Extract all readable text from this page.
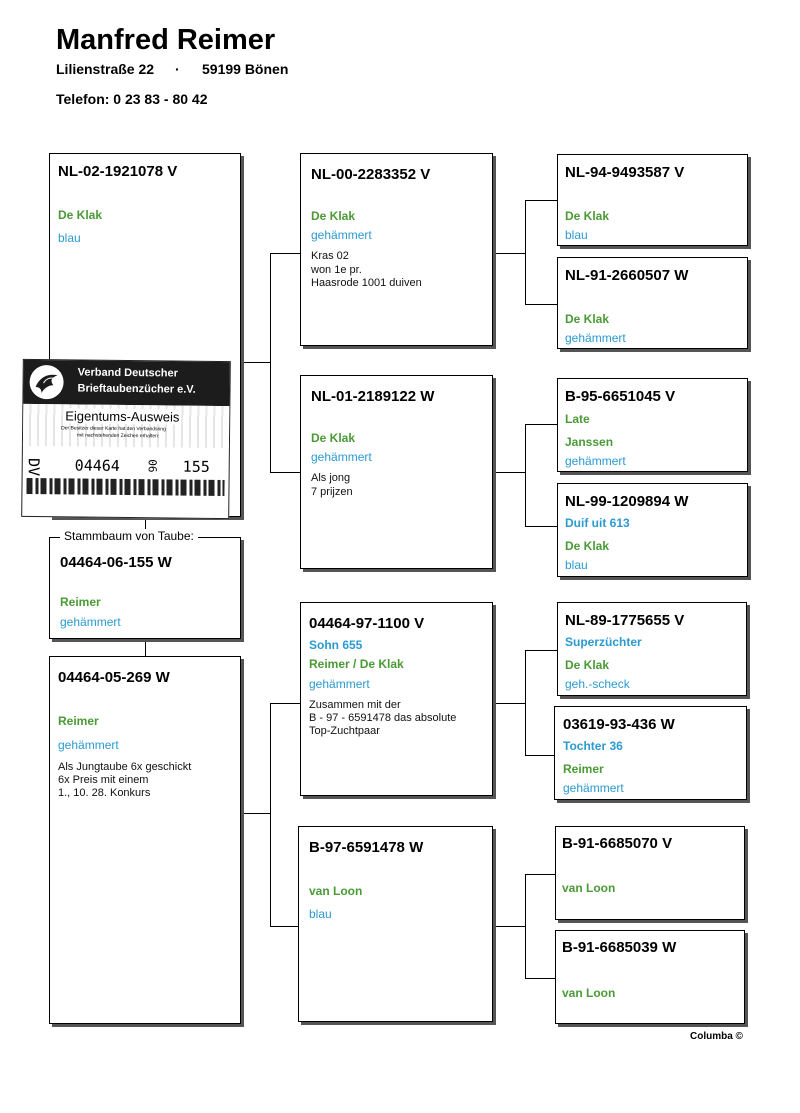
Manfred Reimer
Lilienstraße 22 · 59199 Bönen
Telefon: 0 23 83 - 80 42
NL-02-1921078 V
De Klak
blau
04464-06-155 W
Reimer
gehämmert
Stammbaum von Taube:
04464-05-269 W
Reimer
gehämmert
Als Jungtaube 6x geschickt
6x Preis mit einem
1., 10. 28. Konkurs
Verband Deutscher
Brieftaubenzücher e.V.
Eigentums-Ausweis
Der Besitzer dieser Karte hat den Verbandsring
mit nachstehenden Zeichen erhalten:
DV 04464 06 155
NL-00-2283352 V
De Klak
gehämmert
Kras 02
won 1e pr.
Haasrode 1001 duiven
NL-01-2189122 W
De Klak
gehämmert
Als jong
7 prijzen
04464-97-1100 V
Sohn 655
Reimer / De Klak
gehämmert
Zusammen mit der
B - 97 - 6591478 das absolute
Top-Zuchtpaar
B-97-6591478 W
van Loon
blau
NL-94-9493587 V
De Klak
blau
NL-91-2660507 W
De Klak
gehämmert
B-95-6651045 V
Late
Janssen
gehämmert
NL-99-1209894 W
Duif uit 613
De Klak
blau
NL-89-1775655 V
Superzüchter
De Klak
geh.-scheck
03619-93-436 W
Tochter 36
Reimer
gehämmert
B-91-6685070 V
van Loon
B-91-6685039 W
van Loon
Columba ©
